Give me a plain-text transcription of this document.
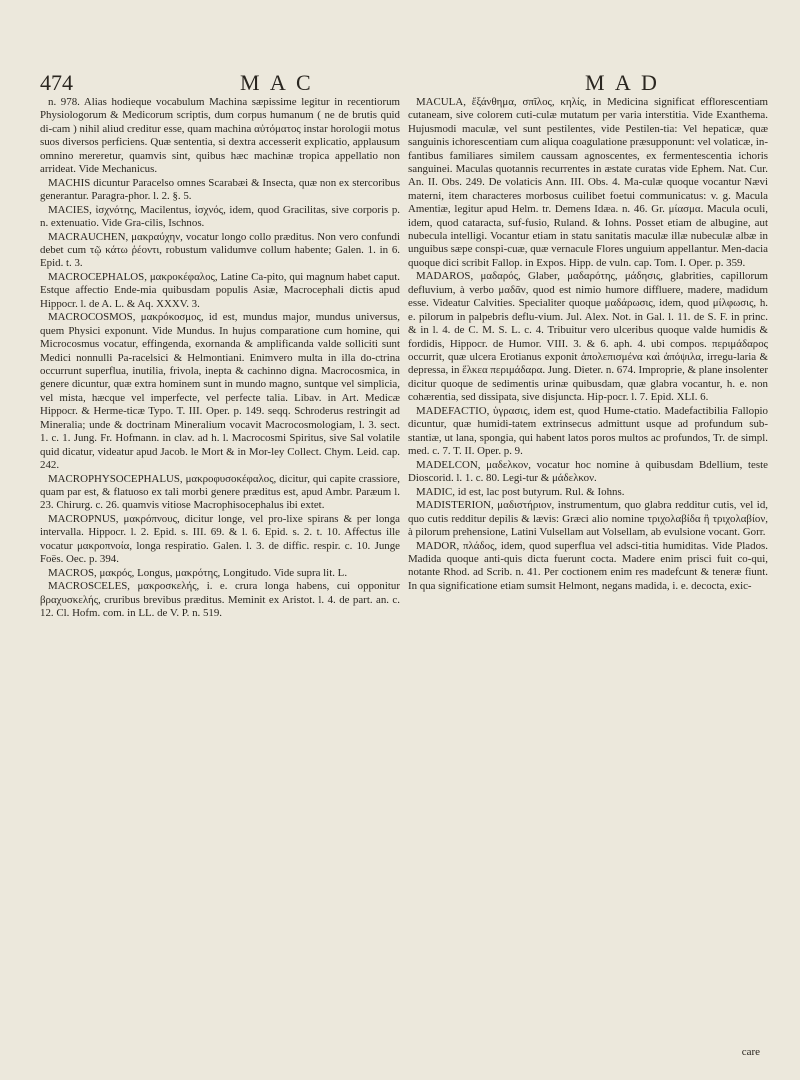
474	M A C	M A D

n. 978. Alias hodieque vocabulum Machina sæpissime legitur in recentiorum Physiologorum & Medicorum scriptis, dum corpus humanum ( ne de brutis quid di-cam ) nihil aliud creditur esse, quam machina αὐτόματος instar horologii motus suos diversos perficiens. Quæ sententia, si dextra accesserit explicatio, applausum omnino mereretur, quamvis sint, quibus hæc machinæ tropica appellatio non arrideat. Vide Mechanicus.

MACHIS dicuntur Paracelso omnes Scarabæi & Insecta, quæ non ex stercoribus generantur. Paragra-phor. l. 2. §. 5.

MACIES, ἰσχνότης, Macilentus, ἰσχνός, idem, quod Gracilitas, sive corporis p. n. extenuatio. Vide Gra-cilis, Ischnos.

MACRAUCHEN, μακραύχην, vocatur longo collo præditus. Non vero confundi debet cum τῷ κάτω ῥέοντι, robustum validumve collum habente; Galen. 1. in 6. Epid. t. 3.

MACROCEPHALOS, μακροκέφαλος, Latine Ca-pito, qui magnum habet caput. Estque affectio Ende-mia quibusdam populis Asiæ, Macrocephali dictis apud Hippocr. l. de A. L. & Aq. XXXV. 3.

MACROCOSMOS, μακρόκοσμος, id est, mundus major, mundus universus, quem Physici exponunt. Vide Mundus. In hujus comparatione cum homine, qui Microcosmus vocatur, effingenda, exornanda & amplificanda valde solliciti sunt Medici nonnulli Pa-racelsici & Helmontiani. Enimvero multa in illa do-ctrina occurrunt superflua, inutilia, frivola, inepta & cachinno digna. Macrocosmica, in genere dicuntur, quæ extra hominem sunt in mundo magno, suntque vel simplicia, vel mista, hæcque vel imperfecte, vel perfecte talia. Libav. in Art. Medicæ Hippocr. & Herme-ticæ Typo. T. III. Oper. p. 149. seqq. Schroderus restringit ad Mineralia; unde & doctrinam Mineralium vocavit Macrocosmologiam, l. 3. sect. 1. c. 1. Jung. Fr. Hofmann. in clav. ad h. l. Macrocosmi Spiritus, sive Sal volatile quid dicatur, videatur apud Jacob. le Mort & in Mor-ley Collect. Chym. Leid. cap. 242.

MACROPHYSOCEPHALUS, μακροφυσοκέφαλος, dicitur, qui capite crassiore, quam par est, & flatuoso ex tali morbi genere præditus est, apud Ambr. Paræum l. 23. Chirurg. c. 26. quamvis vitiose Macrophisocephalus ibi extet.

MACROPNUS, μακρόπνους, dicitur longe, vel pro-lixe spirans & per longa intervalla. Hippocr. l. 2. Epid. s. III. 69. & l. 6. Epid. s. 2. t. 10. Affectus ille vocatur μακροπνοία, longa respiratio. Galen. l. 3. de diffic. respir. c. 10. Junge Foës. Oec. p. 394.

MACROS, μακρός, Longus, μακρότης, Longitudo. Vide supra lit. L.

MACROSCELES, μακροσκελής, i. e. crura longa habens, cui opponitur βραχυσκελής, cruribus brevibus præditus. Meminit ex Aristot. l. 4. de part. an. c. 12. Cl. Hofm. com. in LL. de V. P. n. 519.

MACULA, ἔξάνθημα, σπῖλος, κηλίς, in Medicina significat efflorescentiam cutaneam, sive colorem cuti-culæ mutatum per varia interstitia. Vide Exanthema. Hujusmodi maculæ, vel sunt pestilentes, vide Pestilen-tia: Vel hepaticæ, quæ sanguinis ichorescentiam cum aliqua coagulatione præsupponunt: vel volaticæ, in-fantibus familiares similem caussam agnoscentes, ex fermentescentia ichoris sanguinei. Maculas quotannis recurrentes in æstate curatas vide Ephem. Nat. Cur. An. II. Obs. 249. De volaticis Ann. III. Obs. 4. Ma-culæ quoque vocantur Nævi materni, item characteres morbosus cuilibet foetui communicatus: v. g. Macula Amentiæ, legitur apud Helm. tr. Demens Idæa. n. 46. Gr. μίασμα. Macula oculi, idem, quod cataracta, suf-fusio, Ruland. & Iohns. Posset etiam de albugine, aut nubecula intelligi. Vocantur etiam in statu sanitatis maculæ illæ nubeculæ albæ in unguibus sæpe conspi-cuæ, quæ vernacule Flores unguium appellantur. Men-dacia quoque dici scribit Fallop. in Expos. Hipp. de vuln. cap. Tom. I. Oper. p. 359.

MADAROS, μαδαρός, Glaber, μαδαρότης, μάδησις, glabrities, capillorum defluvium, à verbo μαδᾶν, quod est nimio humore diffluere, madere, madidum esse. Videatur Calvities. Specialiter quoque μαδάρωσις, idem, quod μίλφωσις, h. e. pilorum in palpebris deflu-vium. Jul. Alex. Not. in Gal. l. 11. de S. F. in princ. & in l. 4. de C. M. S. L. c. 4. Tribuitur vero ulceribus quoque valde humidis & fordidis, Hippocr. de Humor. VIII. 3. & 6. aph. 4. ubi compos. περιμάδαρος occurrit, quæ ulcera Erotianus exponit ἀπολεπισμένα καὶ ἀπόψιλα, irregu-laria & depressa, in ἕλκεα περιμάδαρα. Jung. Dieter. n. 674. Improprie, & plane insolenter dicitur quoque de sedimentis urinæ quibusdam, quæ glabra vocantur, h. e. non cohærentia, sed dissipata, sive disjuncta. Hip-pocr. l. 7. Epid. XLI. 6.

MADEFACTIO, ὑγρασις, idem est, quod Hume-ctatio. Madefactibilia Fallopio dicuntur, quæ humidi-tatem extrinsecus admittunt usque ad profundum sub-stantiæ, ut lana, spongia, qui habent latos poros multos ac profundos, Tr. de simpl. med. c. 7. T. II. Oper. p. 9.

MADELCON, μαδελκον, vocatur hoc nomine à quibusdam Bdellium, teste Dioscorid. l. 1. c. 80. Legi-tur & μάδελκον.

MADIC, id est, lac post butyrum. Rul. & Iohns.

MADISTERION, μαδιστήριον, instrumentum, quo glabra redditur cutis, vel id, quo cutis redditur depilis & lævis: Græci alio nomine τριχολαβίδα ἢ τριχολαβίον, à pilorum prehensione, Latini Vulsellam aut Volsellam, ab evulsione vocant. Gorr.

MADOR, πλάδος, idem, quod superflua vel adsci-titia humiditas. Vide Plados. Madida quoque anti-quis dicta fuerunt cocta. Madere enim prisci fuit co-qui, notante Rhod. ad Scrib. n. 41. Per coctionem enim res madefcunt & teneræ fiunt. In qua significatione etiam sumsit Helmont, negans madida, i. e. decocta, exic-

care
